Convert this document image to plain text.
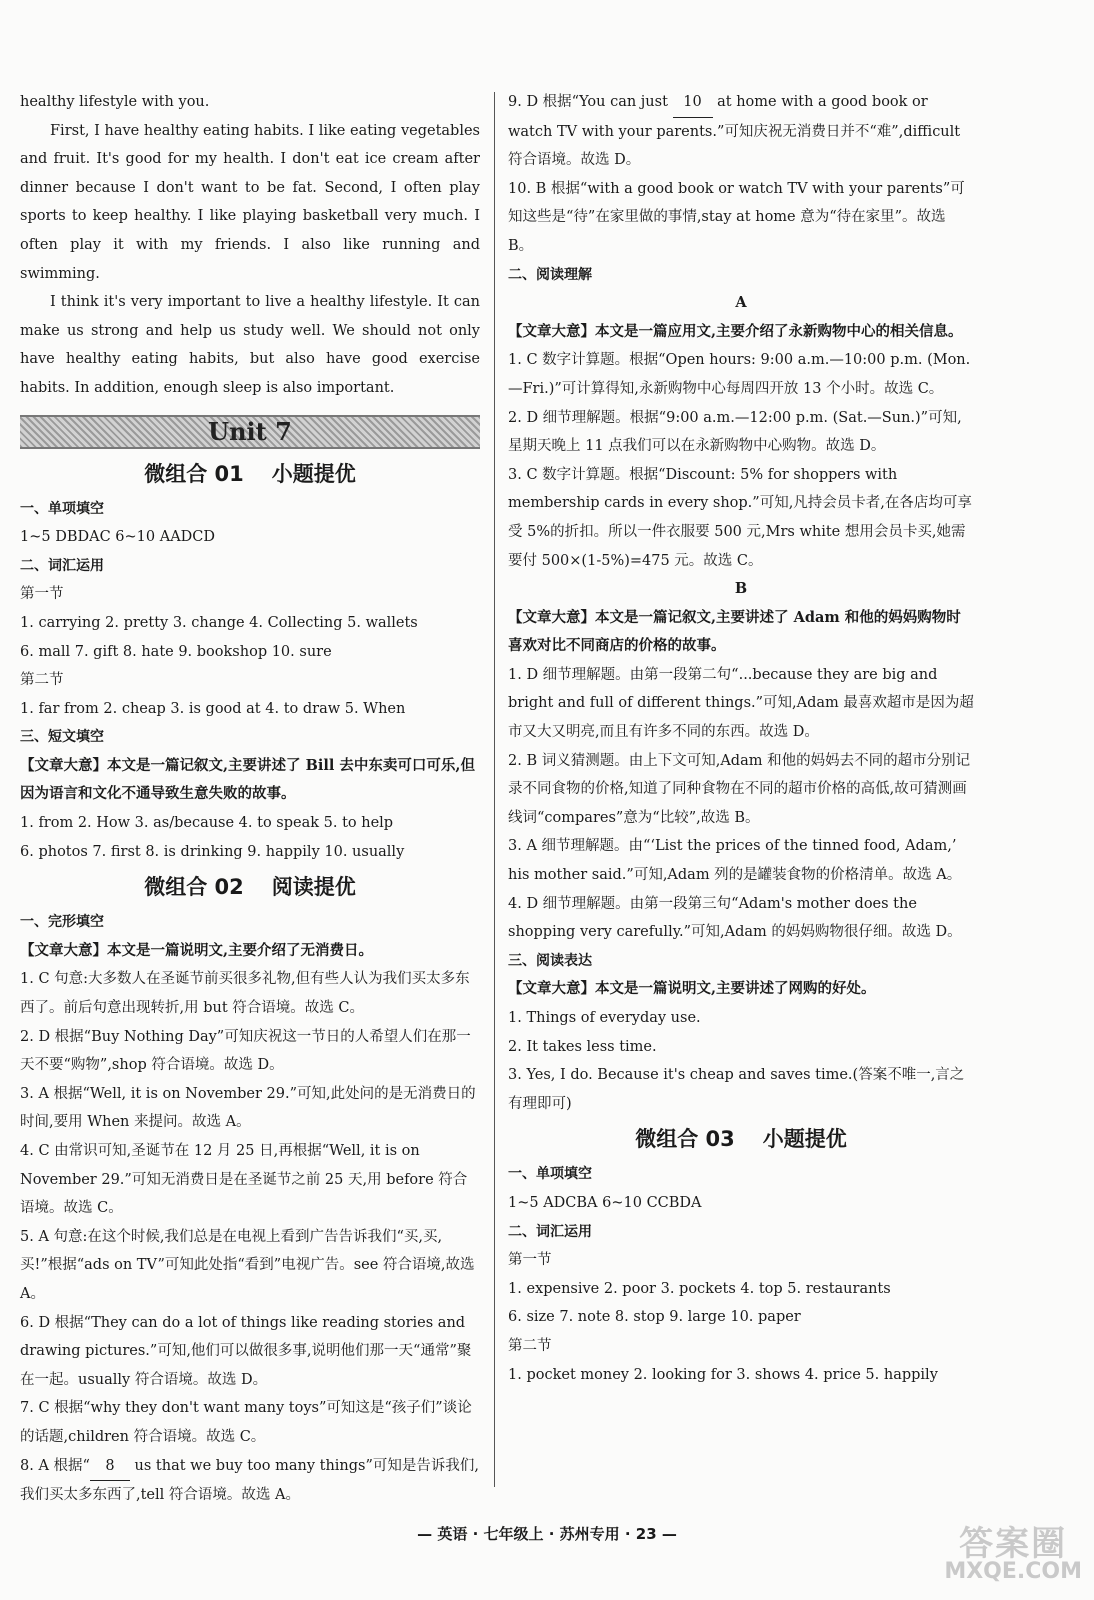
healthy lifestyle with you.

First, I have healthy eating habits. I like eating vegetables and fruit. It's good for my health. I don't eat ice cream after dinner because I don't want to be fat. Second, I often play sports to keep healthy. I like playing basketball very much. I often play it with my friends. I also like running and swimming.

I think it's very important to live a healthy lifestyle. It can make us strong and help us study well. We should not only have healthy eating habits, but also have good exercise habits. In addition, enough sleep is also important.

Unit 7
微组合 01 小题提优

一、单项填空

1~5 DBDAC 6~10 AADCD

二、词汇运用

第一节

1. carrying 2. pretty 3. change 4. Collecting 5. wallets

6. mall 7. gift 8. hate 9. bookshop 10. sure

第二节

1. far from 2. cheap 3. is good at 4. to draw 5. When

三、短文填空

【文章大意】本文是一篇记叙文,主要讲述了 Bill 去中东卖可口可乐,但因为语言和文化不通导致生意失败的故事。

1. from 2. How 3. as/because 4. to speak 5. to help

6. photos 7. first 8. is drinking 9. happily 10. usually

微组合 02 阅读提优

一、完形填空

【文章大意】本文是一篇说明文,主要介绍了无消费日。

1. C 句意:大多数人在圣诞节前买很多礼物,但有些人认为我们买太多东西了。前后句意出现转折,用 but 符合语境。故选 C。

2. D 根据“Buy Nothing Day”可知庆祝这一节日的人希望人们在那一天不要“购物”,shop 符合语境。故选 D。

3. A 根据“Well, it is on November 29.”可知,此处问的是无消费日的时间,要用 When 来提问。故选 A。

4. C 由常识可知,圣诞节在 12 月 25 日,再根据“Well, it is on November 29.”可知无消费日是在圣诞节之前 25 天,用 before 符合语境。故选 C。

5. A 句意:在这个时候,我们总是在电视上看到广告告诉我们“买,买,买!”根据“ads on TV”可知此处指“看到”电视广告。see 符合语境,故选 A。

6. D 根据“They can do a lot of things like reading stories and drawing pictures.”可知,他们可以做很多事,说明他们那一天“通常”聚在一起。usually 符合语境。故选 D。

7. C 根据“why they don't want many toys”可知这是“孩子们”谈论的话题,children 符合语境。故选 C。

8. A 根据“ 8 us that we buy too many things”可知是告诉我们,我们买太多东西了,tell 符合语境。故选 A。

9. D 根据“You can just 10 at home with a good book or watch TV with your parents.”可知庆祝无消费日并不“难”,difficult 符合语境。故选 D。

10. B 根据“with a good book or watch TV with your parents”可知这些是“待”在家里做的事情,stay at home 意为“待在家里”。故选 B。

二、阅读理解

A

【文章大意】本文是一篇应用文,主要介绍了永新购物中心的相关信息。

1. C 数字计算题。根据“Open hours: 9:00 a.m.—10:00 p.m. (Mon.—Fri.)”可计算得知,永新购物中心每周四开放 13 个小时。故选 C。

2. D 细节理解题。根据“9:00 a.m.—12:00 p.m. (Sat.—Sun.)”可知,星期天晚上 11 点我们可以在永新购物中心购物。故选 D。

3. C 数字计算题。根据“Discount: 5% for shoppers with membership cards in every shop.”可知,凡持会员卡者,在各店均可享受 5%的折扣。所以一件衣服要 500 元,Mrs white 想用会员卡买,她需要付 500×(1-5%)=475 元。故选 C。

B

【文章大意】本文是一篇记叙文,主要讲述了 Adam 和他的妈妈购物时喜欢对比不同商店的价格的故事。

1. D 细节理解题。由第一段第二句“...because they are big and bright and full of different things.”可知,Adam 最喜欢超市是因为超市又大又明亮,而且有许多不同的东西。故选 D。

2. B 词义猜测题。由上下文可知,Adam 和他的妈妈去不同的超市分别记录不同食物的价格,知道了同种食物在不同的超市价格的高低,故可猜测画线词“compares”意为“比较”,故选 B。

3. A 细节理解题。由“‘List the prices of the tinned food, Adam,’ his mother said.”可知,Adam 列的是罐装食物的价格清单。故选 A。

4. D 细节理解题。由第一段第三句“Adam's mother does the shopping very carefully.”可知,Adam 的妈妈购物很仔细。故选 D。

三、阅读表达

【文章大意】本文是一篇说明文,主要讲述了网购的好处。

1. Things of everyday use.

2. It takes less time.

3. Yes, I do. Because it's cheap and saves time.(答案不唯一,言之有理即可)

微组合 03 小题提优

一、单项填空

1~5 ADCBA 6~10 CCBDA

二、词汇运用

第一节

1. expensive 2. poor 3. pockets 4. top 5. restaurants

6. size 7. note 8. stop 9. large 10. paper

第二节

1. pocket money 2. looking for 3. shows 4. price 5. happily

— 英语 · 七年级上 · 苏州专用 · 23 —	答案圈
MXQE.COM
